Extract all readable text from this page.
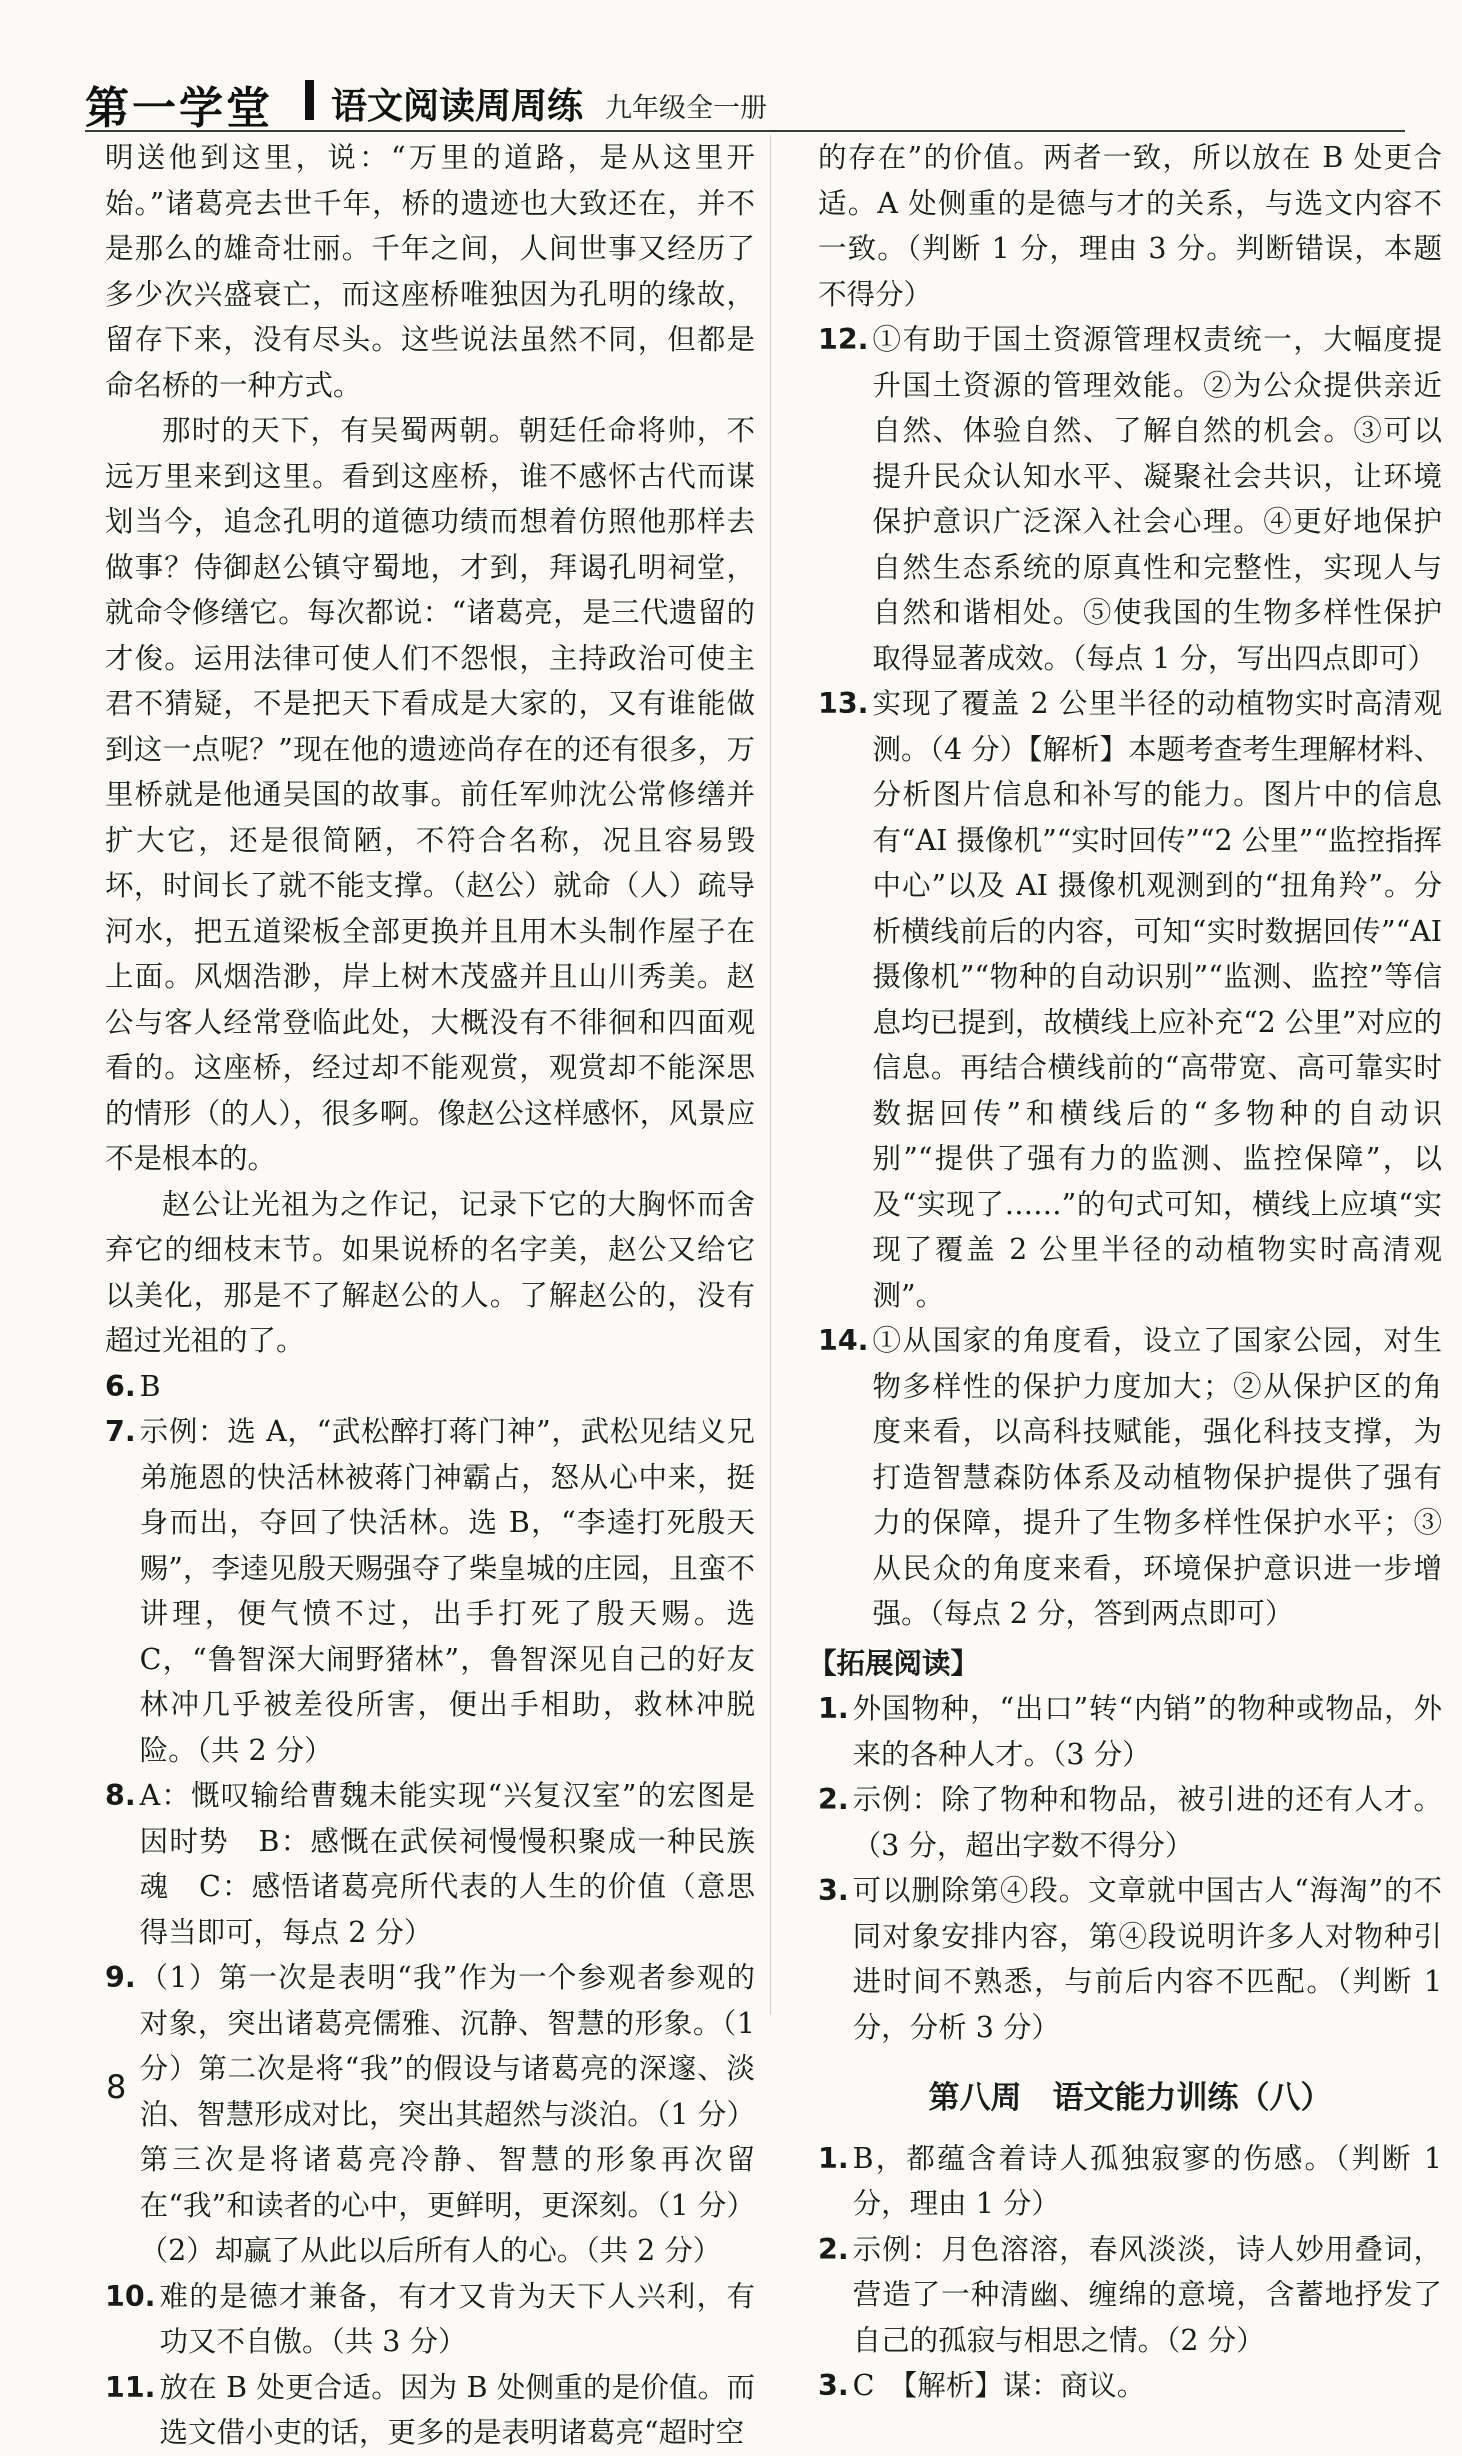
第一学堂 语文阅读周周练 九年级全一册

明送他到这里，说：“万里的道路，是从这里开始。”诸葛亮去世千年，桥的遗迹也大致还在，并不是那么的雄奇壮丽。千年之间，人间世事又经历了多少次兴盛衰亡，而这座桥唯独因为孔明的缘故，留存下来，没有尽头。这些说法虽然不同，但都是命名桥的一种方式。

那时的天下，有吴蜀两朝。朝廷任命将帅，不远万里来到这里。看到这座桥，谁不感怀古代而谋划当今，追念孔明的道德功绩而想着仿照他那样去做事？侍御赵公镇守蜀地，才到，拜谒孔明祠堂，就命令修缮它。每次都说：“诸葛亮，是三代遗留的才俊。运用法律可使人们不怨恨，主持政治可使主君不猜疑，不是把天下看成是大家的，又有谁能做到这一点呢？”现在他的遗迹尚存在的还有很多，万里桥就是他通吴国的故事。前任军帅沈公常修缮并扩大它，还是很简陋，不符合名称，况且容易毁坏，时间长了就不能支撑。（赵公）就命（人）疏导河水，把五道梁板全部更换并且用木头制作屋子在上面。风烟浩渺，岸上树木茂盛并且山川秀美。赵公与客人经常登临此处，大概没有不徘徊和四面观看的。这座桥，经过却不能观赏，观赏却不能深思的情形（的人），很多啊。像赵公这样感怀，风景应不是根本的。

赵公让光祖为之作记，记录下它的大胸怀而舍弃它的细枝末节。如果说桥的名字美，赵公又给它以美化，那是不了解赵公的人。了解赵公的，没有超过光祖的了。

6. B
7. 示例：选 A，“武松醉打蒋门神”，武松见结义兄弟施恩的快活林被蒋门神霸占，怒从心中来，挺身而出，夺回了快活林。选 B，“李逵打死殷天赐”，李逵见殷天赐强夺了柴皇城的庄园，且蛮不讲理，便气愤不过，出手打死了殷天赐。选 C，“鲁智深大闹野猪林”，鲁智深见自己的好友林冲几乎被差役所害，便出手相助，救林冲脱险。（共 2 分）
8. A：慨叹输给曹魏未能实现“兴复汉室”的宏图是因时势　B：感慨在武侯祠慢慢积聚成一种民族魂　C：感悟诸葛亮所代表的人生的价值（意思得当即可，每点 2 分）
9. （1）第一次是表明“我”作为一个参观者参观的对象，突出诸葛亮儒雅、沉静、智慧的形象。（1 分）第二次是将“我”的假设与诸葛亮的深邃、淡泊、智慧形成对比，突出其超然与淡泊。（1 分）第三次是将诸葛亮冷静、智慧的形象再次留在“我”和读者的心中，更鲜明，更深刻。（1 分）（2）却赢了从此以后所有人的心。（共 2 分）
10. 难的是德才兼备，有才又肯为天下人兴利，有功又不自傲。（共 3 分）
11. 放在 B 处更合适。因为 B 处侧重的是价值。而选文借小吏的话，更多的是表明诸葛亮“超时空

的存在”的价值。两者一致，所以放在 B 处更合适。A 处侧重的是德与才的关系，与选文内容不一致。（判断 1 分，理由 3 分。判断错误，本题不得分）

12. ①有助于国土资源管理权责统一，大幅度提升国土资源的管理效能。②为公众提供亲近自然、体验自然、了解自然的机会。③可以提升民众认知水平、凝聚社会共识，让环境保护意识广泛深入社会心理。④更好地保护自然生态系统的原真性和完整性，实现人与自然和谐相处。⑤使我国的生物多样性保护取得显著成效。（每点 1 分，写出四点即可）
13. 实现了覆盖 2 公里半径的动植物实时高清观测。（4 分）【解析】本题考查考生理解材料、分析图片信息和补写的能力。图片中的信息有“AI 摄像机”“实时回传”“2 公里”“监控指挥中心”以及 AI 摄像机观测到的“扭角羚”。分析横线前后的内容，可知“实时数据回传”“AI 摄像机”“物种的自动识别”“监测、监控”等信息均已提到，故横线上应补充“2 公里”对应的信息。再结合横线前的“高带宽、高可靠实时数据回传”和横线后的“多物种的自动识别”“提供了强有力的监测、监控保障”，以及“实现了……”的句式可知，横线上应填“实现了覆盖 2 公里半径的动植物实时高清观测”。
14. ①从国家的角度看，设立了国家公园，对生物多样性的保护力度加大；②从保护区的角度来看，以高科技赋能，强化科技支撑，为打造智慧森防体系及动植物保护提供了强有力的保障，提升了生物多样性保护水平；③从民众的角度来看，环境保护意识进一步增强。（每点 2 分，答到两点即可）
【拓展阅读】
1. 外国物种，“出口”转“内销”的物种或物品，外来的各种人才。（3 分）
2. 示例：除了物种和物品，被引进的还有人才。（3 分，超出字数不得分）
3. 可以删除第④段。文章就中国古人“海淘”的不同对象安排内容，第④段说明许多人对物种引进时间不熟悉，与前后内容不匹配。（判断 1 分，分析 3 分）
第八周　语文能力训练（八）
1. B，都蕴含着诗人孤独寂寥的伤感。（判断 1 分，理由 1 分）
2. 示例：月色溶溶，春风淡淡，诗人妙用叠词，营造了一种清幽、缠绵的意境，含蓄地抒发了自己的孤寂与相思之情。（2 分）
3. C　【解析】谋：商议。
8
